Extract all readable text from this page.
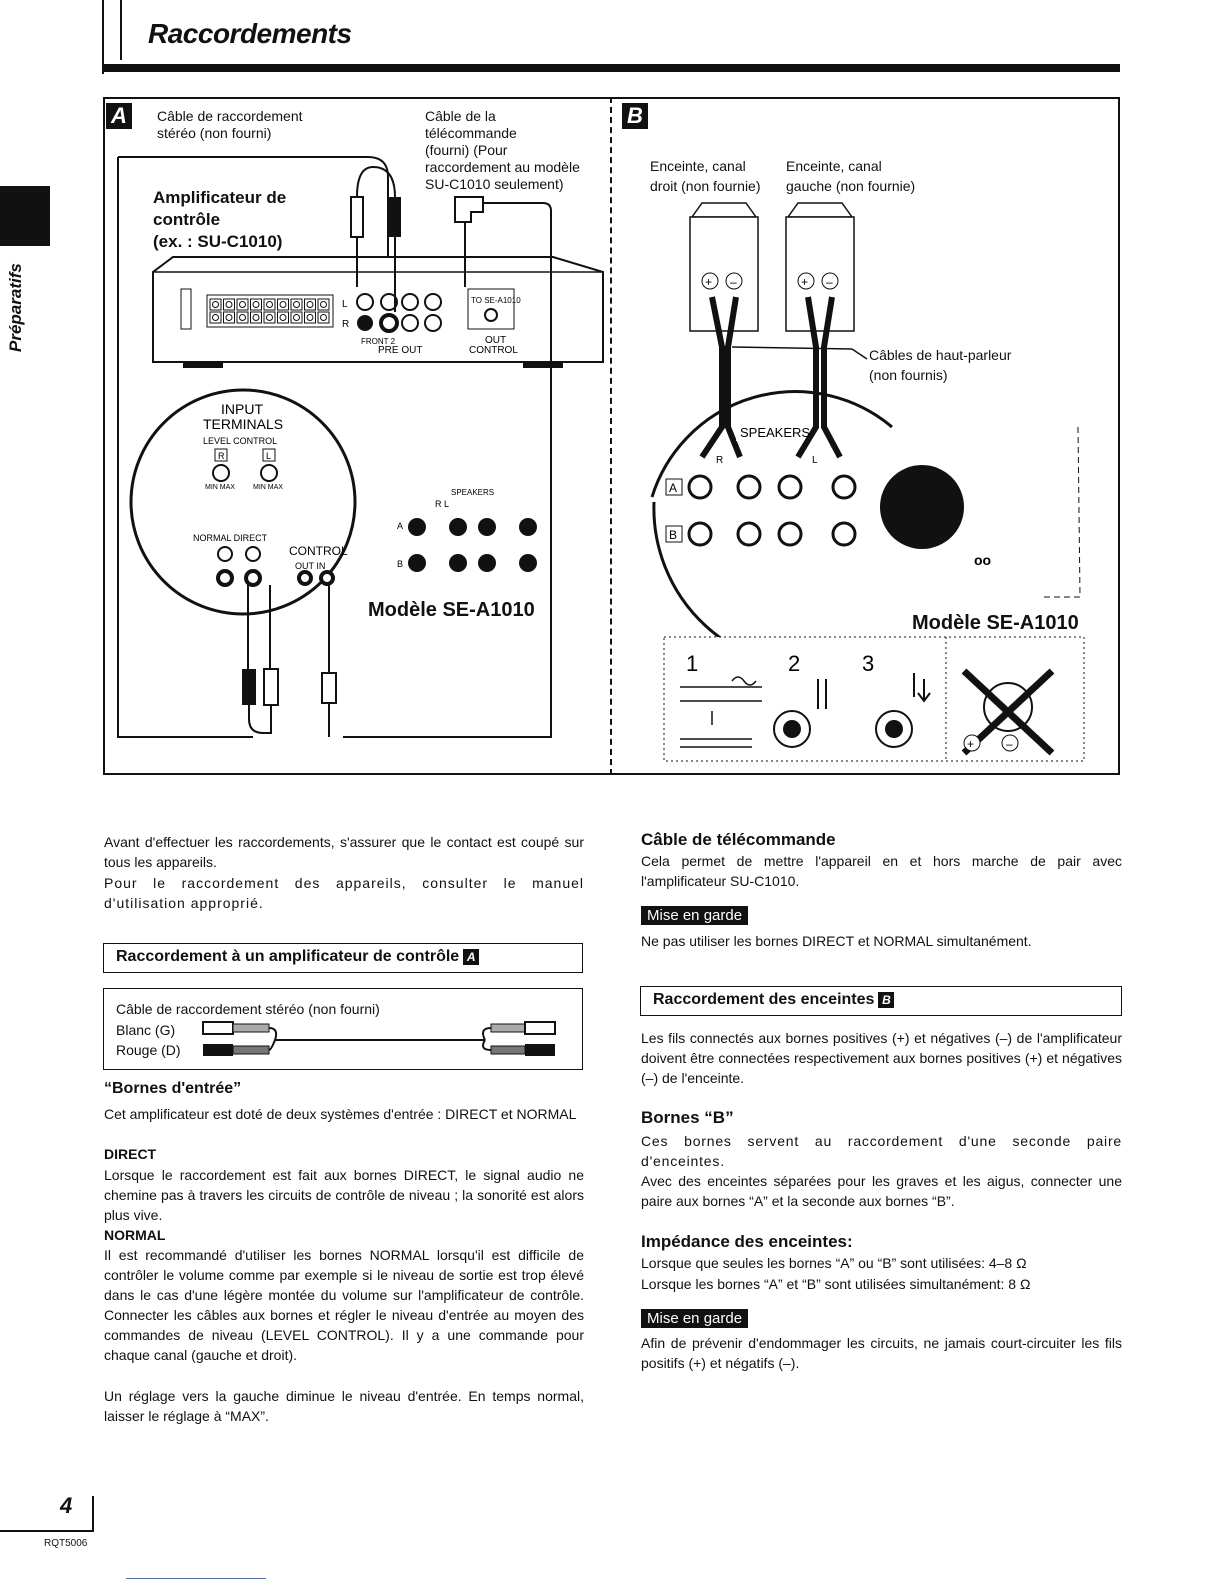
Raccordements
Préparatifs
A	Câble de raccordement
stéréo (non fourni)
Câble de la
télécommande
(fourni) (Pour
raccordement au modèle
SU-C1010 seulement)
Amplificateur de
contrôle
(ex. : SU-C1010)
L
R
FRONT 2
PRE OUT
TO SE-A1010
OUT
CONTROL
INPUT
TERMINALS
LEVEL CONTROL
R	L
MIN MAX	MIN MAX
NORMAL DIRECT
CONTROL
OUT IN
SPEAKERS
R L
A
B
Modèle SE-A1010
B
Enceinte, canal
droit (non fournie)
Enceinte, canal
gauche (non fournie)
Câbles de haut-parleur
(non fournis)
+ –	+ –
SPEAKERS
A
B
R	L
oo
1	2	3
+	–
Modèle SE-A1010
Avant d'effectuer les raccordements, s'assurer que le contact est coupé sur tous les appareils.
Pour le raccordement des appareils, consulter le manuel d'utilisation approprié.
Raccordement à un amplificateur de contrôle A
Câble de raccordement stéréo (non fourni)
Blanc (G)
Rouge (D)
“Bornes d'entrée”
Cet amplificateur est doté de deux systèmes d'entrée : DIRECT et NORMAL
DIRECT
Lorsque le raccordement est fait aux bornes DIRECT, le signal audio ne chemine pas à travers les circuits de contrôle de niveau ; la sonorité est alors plus vive.
NORMAL
Il est recommandé d'utiliser les bornes NORMAL lorsqu'il est difficile de contrôler le volume comme par exemple si le niveau de sortie est trop élevé dans le cas d'une légère montée du volume sur l'amplificateur de contrôle. Connecter les câbles aux bornes et régler le niveau d'entrée au moyen des commandes de niveau (LEVEL CONTROL). Il y a une commande pour chaque canal (gauche et droit).
Un réglage vers la gauche diminue le niveau d'entrée. En temps normal, laisser le réglage à “MAX”.
Câble de télécommande
Cela permet de mettre l'appareil en et hors marche de pair avec l'amplificateur SU-C1010.
Mise en garde
Ne pas utiliser les bornes DIRECT et NORMAL simultanément.
Raccordement des enceintes B
Les fils connectés aux bornes positives (+) et négatives (–) de l'amplificateur doivent être connectées respectivement aux bornes positives (+) et négatives (–) de l'enceinte.
Bornes “B”
Ces bornes servent au raccordement d'une seconde paire d'enceintes.
Avec des enceintes séparées pour les graves et les aigus, connecter une paire aux bornes “A” et la seconde aux bornes “B”.
Impédance des enceintes:
Lorsque que seules les bornes “A” ou “B” sont utilisées: 4–8 Ω
Lorsque les bornes “A” et “B” sont utilisées simultanément: 8 Ω
Mise en garde
Afin de prévenir d'endommager les circuits, ne jamais court-circuiter les fils positifs (+) et négatifs (–).
4
RQT5006
